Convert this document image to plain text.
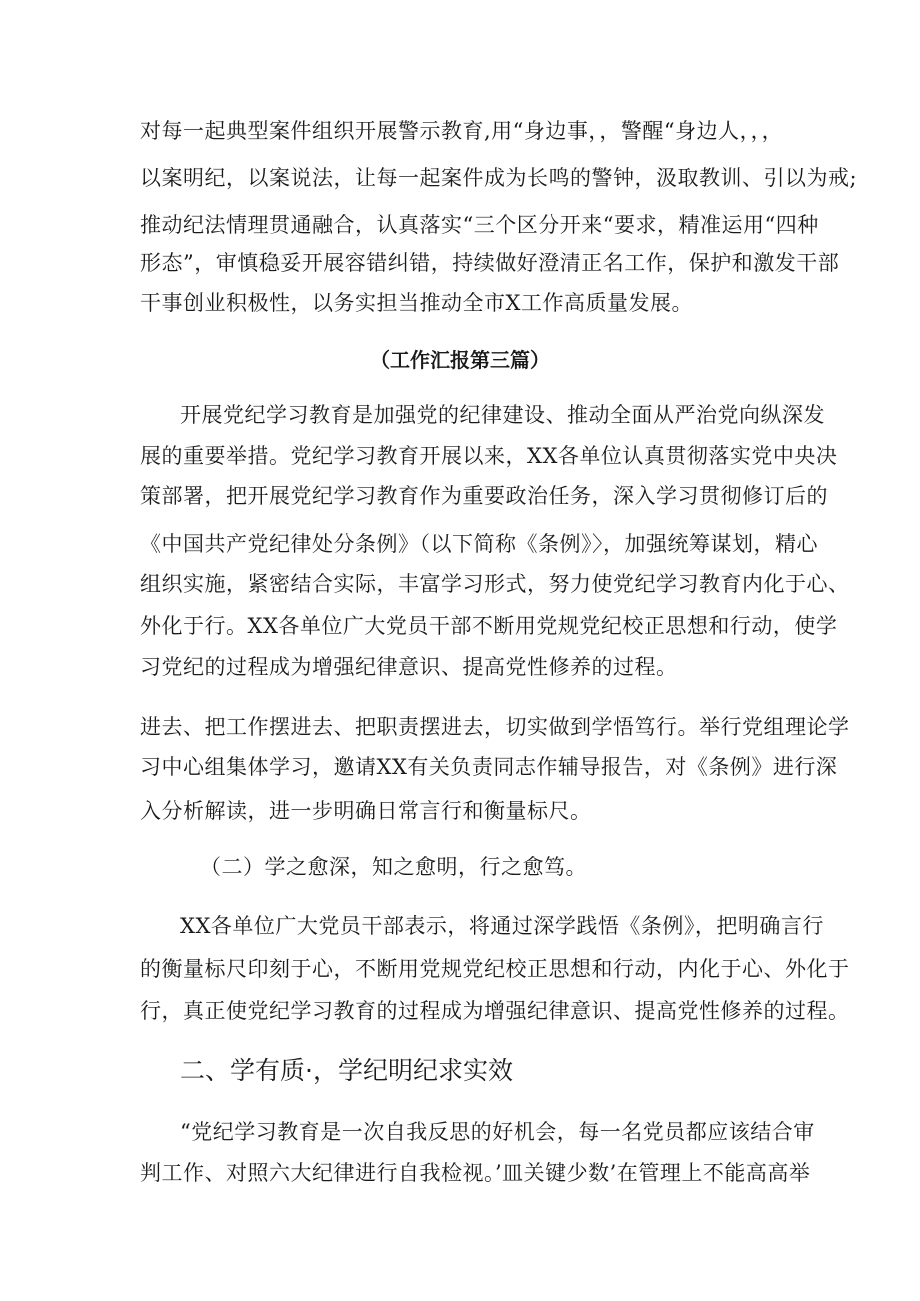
对每一起典型案件组织开展警示教育,用“身边事，，警醒“身边人，，，
以案明纪，以案说法，让每一起案件成为长鸣的警钟，汲取教训、引以为戒;
推动纪法情理贯通融合，认真落实“三个区分开来“要求，精准运用“四种
形态”，审慎稳妥开展容错纠错，持续做好澄清正名工作，保护和激发干部
干事创业积极性，以务实担当推动全市X工作高质量发展。
（工作汇报第三篇）
开展党纪学习教育是加强党的纪律建设、推动全面从严治党向纵深发
展的重要举措。党纪学习教育开展以来，XX各单位认真贯彻落实党中央决
策部署，把开展党纪学习教育作为重要政治任务，深入学习贯彻修订后的
《中国共产党纪律处分条例》（以下简称《条例》〉，加强统筹谋划，精心
组织实施，紧密结合实际，丰富学习形式，努力使党纪学习教育内化于心、
外化于行。XX各单位广大党员干部不断用党规党纪校正思想和行动，使学
习党纪的过程成为增强纪律意识、提高党性修养的过程。
进去、把工作摆进去、把职责摆进去，切实做到学悟笃行。举行党组理论学
习中心组集体学习，邀请XX有关负责同志作辅导报告，对《条例》进行深
入分析解读，进一步明确日常言行和衡量标尺。
（二）学之愈深，知之愈明，行之愈笃。
XX各单位广大党员干部表示，将通过深学践悟《条例》，把明确言行
的衡量标尺印刻于心，不断用党规党纪校正思想和行动，内化于心、外化于
行，真正使党纪学习教育的过程成为增强纪律意识、提高党性修养的过程。
二、学有质·，学纪明纪求实效
“党纪学习教育是一次自我反思的好机会，每一名党员都应该结合审
判工作、对照六大纪律进行自我检视。’皿关键少数’在管理上不能高高举
